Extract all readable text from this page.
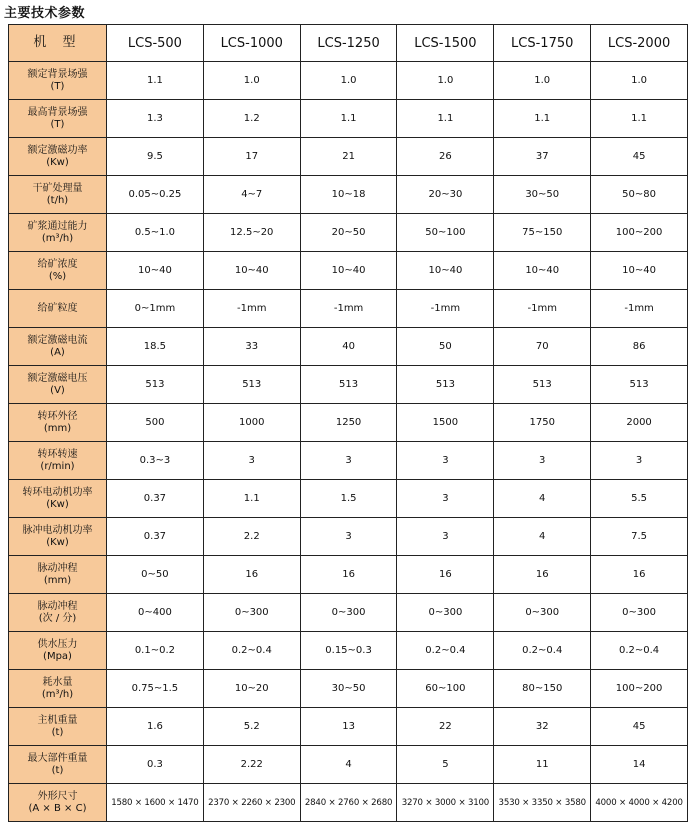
主要技术参数
机 型	LCS-500	LCS-1000	LCS-1250	LCS-1500	LCS-1750	LCS-2000

额定背景场强
(T)	1.1	1.0	1.0	1.0	1.0	1.0

最高背景场强
(T)	1.3	1.2	1.1	1.1	1.1	1.1

额定激磁功率
(Kw)	9.5	17	21	26	37	45

干矿处理量
(t/h)	0.05~0.25	4~7	10~18	20~30	30~50	50~80

矿浆通过能力
(m³/h)	0.5~1.0	12.5~20	20~50	50~100	75~150	100~200

给矿浓度
(%)	10~40	10~40	10~40	10~40	10~40	10~40

给矿粒度	0~1mm	-1mm	-1mm	-1mm	-1mm	-1mm

额定激磁电流
(A)	18.5	33	40	50	70	86

额定激磁电压
(V)	513	513	513	513	513	513

转环外径
(mm)	500	1000	1250	1500	1750	2000

转环转速
(r/min)	0.3~3	3	3	3	3	3

转环电动机功率
(Kw)	0.37	1.1	1.5	3	4	5.5

脉冲电动机功率
(Kw)	0.37	2.2	3	3	4	7.5

脉动冲程
(mm)	0~50	16	16	16	16	16

脉动冲程
(次 / 分)	0~400	0~300	0~300	0~300	0~300	0~300

供水压力
(Mpa)	0.1~0.2	0.2~0.4	0.15~0.3	0.2~0.4	0.2~0.4	0.2~0.4

耗水量
(m³/h)	0.75~1.5	10~20	30~50	60~100	80~150	100~200

主机重量
(t)	1.6	5.2	13	22	32	45

最大部件重量
(t)	0.3	2.22	4	5	11	14

外形尺寸
(A × B × C)	1580 × 1600 × 1470	2370 × 2260 × 2300	2840 × 2760 × 2680	3270 × 3000 × 3100	3530 × 3350 × 3580	4000 × 4000 × 4200
